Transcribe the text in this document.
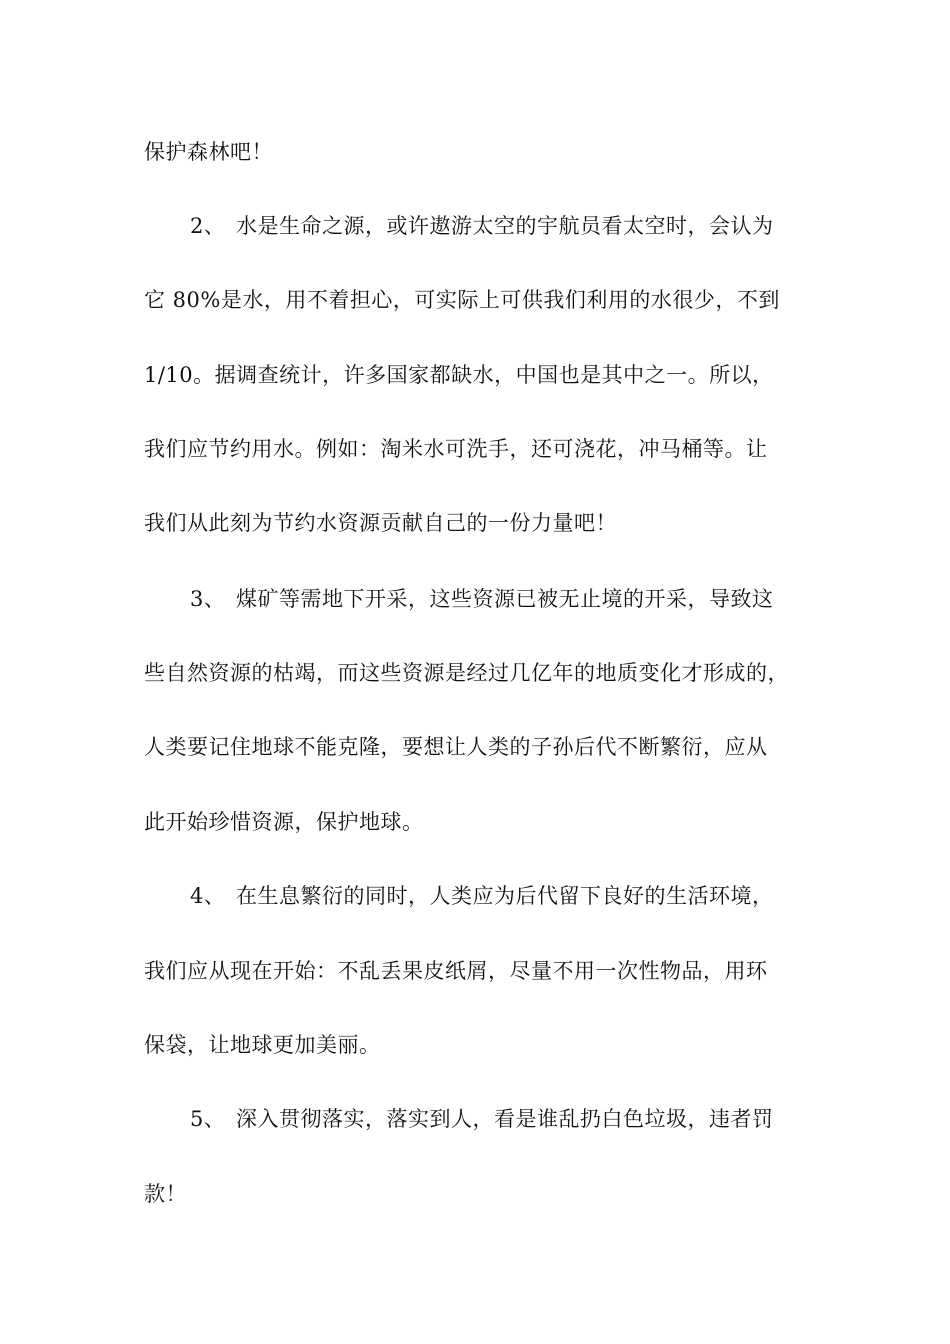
保护森林吧！
2、 水是生命之源，或许遨游太空的宇航员看太空时，会认为
它 80%是水，用不着担心，可实际上可供我们利用的水很少，不到
1/10。据调查统计，许多国家都缺水，中国也是其中之一。所以，
我们应节约用水。例如：淘米水可洗手，还可浇花，冲马桶等。让
我们从此刻为节约水资源贡献自己的一份力量吧！
3、 煤矿等需地下开采，这些资源已被无止境的开采，导致这
些自然资源的枯竭，而这些资源是经过几亿年的地质变化才形成的，
人类要记住地球不能克隆，要想让人类的子孙后代不断繁衍，应从
此开始珍惜资源，保护地球。
4、 在生息繁衍的同时，人类应为后代留下良好的生活环境，
我们应从现在开始：不乱丢果皮纸屑，尽量不用一次性物品，用环
保袋，让地球更加美丽。
5、 深入贯彻落实，落实到人，看是谁乱扔白色垃圾，违者罚
款！
